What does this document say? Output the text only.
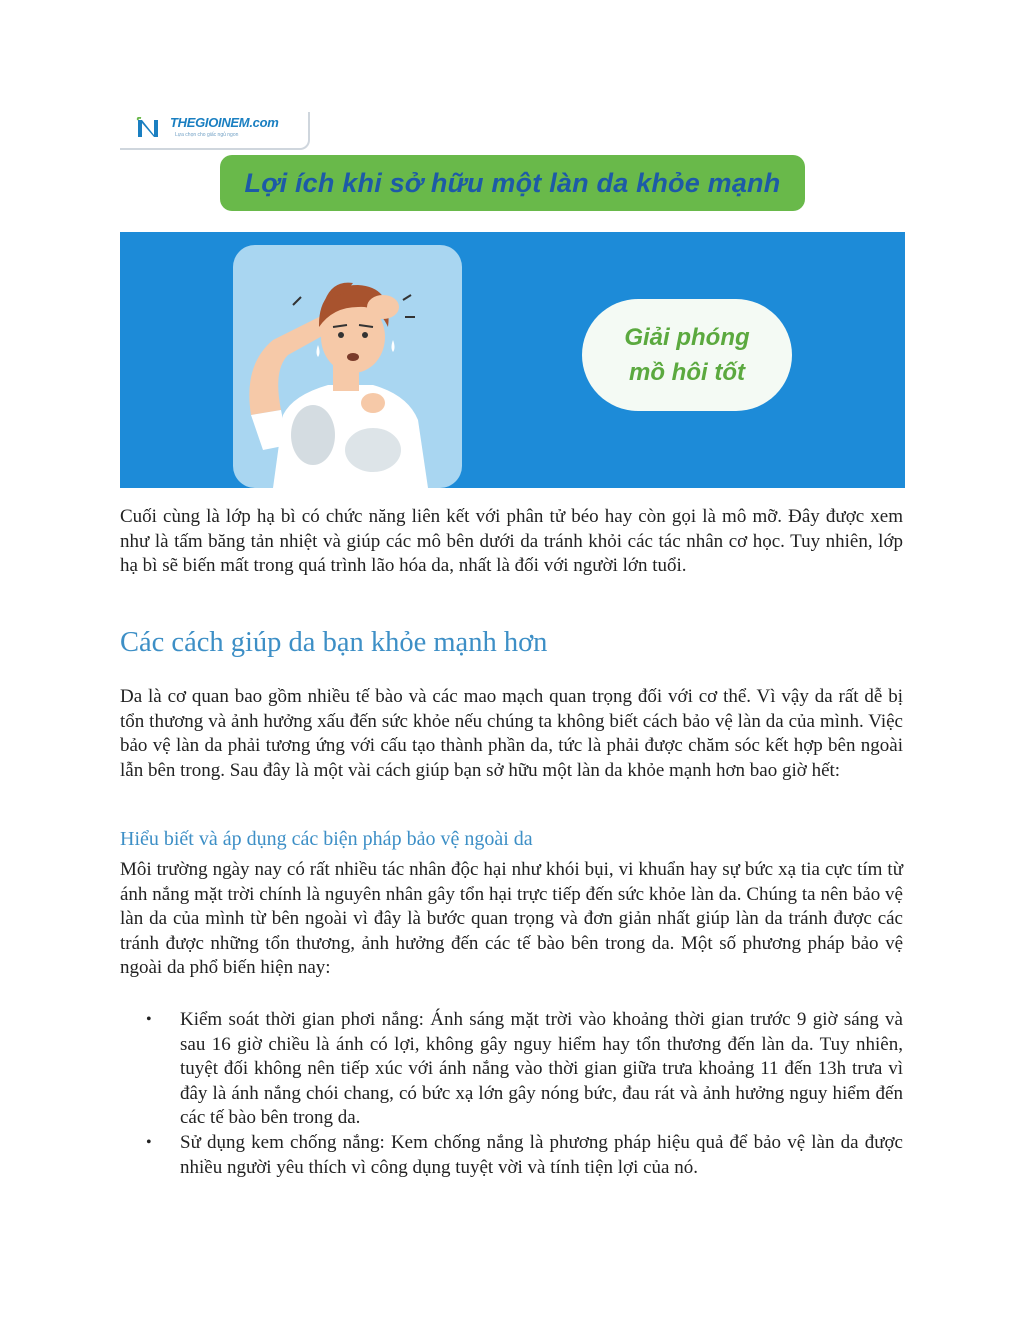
THEGIOINEM.com
Lựa chọn cho giấc ngủ ngon
Lợi ích khi sở hữu một làn da khỏe mạnh
Giải phóng
mồ hôi tốt

Cuối cùng là lớp hạ bì có chức năng liên kết với phân tử béo hay còn gọi là mô mỡ. Đây được xem như là tấm băng tản nhiệt và giúp các mô bên dưới da tránh khỏi các tác nhân cơ học. Tuy nhiên, lớp hạ bì sẽ biến mất trong quá trình lão hóa da, nhất là đối với người lớn tuổi.

Các cách giúp da bạn khỏe mạnh hơn

Da là cơ quan bao gồm nhiều tế bào và các mao mạch quan trọng đối với cơ thể. Vì vậy da rất dễ bị tổn thương và ảnh hưởng xấu đến sức khỏe nếu chúng ta không biết cách bảo vệ làn da của mình. Việc bảo vệ làn da phải tương ứng với cấu tạo thành phần da, tức là phải được chăm sóc kết hợp bên ngoài lẫn bên trong. Sau đây là một vài cách giúp bạn sở hữu một làn da khỏe mạnh hơn bao giờ hết:

Hiểu biết và áp dụng các biện pháp bảo vệ ngoài da

Môi trường ngày nay có rất nhiều tác nhân độc hại như khói bụi, vi khuẩn hay sự bức xạ tia cực tím từ ánh nắng mặt trời chính là nguyên nhân gây tổn hại trực tiếp đến sức khỏe làn da. Chúng ta nên bảo vệ làn da của mình từ bên ngoài vì đây là bước quan trọng và đơn giản nhất giúp làn da tránh được các tránh được những tổn thương, ảnh hưởng đến các tế bào bên trong da. Một số phương pháp bảo vệ ngoài da phổ biến hiện nay:

• Kiểm soát thời gian phơi nắng: Ánh sáng mặt trời vào khoảng thời gian trước 9 giờ sáng và sau 16 giờ chiều là ánh có lợi, không gây nguy hiểm hay tổn thương đến làn da. Tuy nhiên, tuyệt đối không nên tiếp xúc với ánh nắng vào thời gian giữa trưa khoảng 11 đến 13h trưa vì đây là ánh nắng chói chang, có bức xạ lớn gây nóng bức, đau rát và ảnh hưởng nguy hiểm đến các tế bào bên trong da.
• Sử dụng kem chống nắng: Kem chống nắng là phương pháp hiệu quả để bảo vệ làn da được nhiều người yêu thích vì công dụng tuyệt vời và tính tiện lợi của nó.
